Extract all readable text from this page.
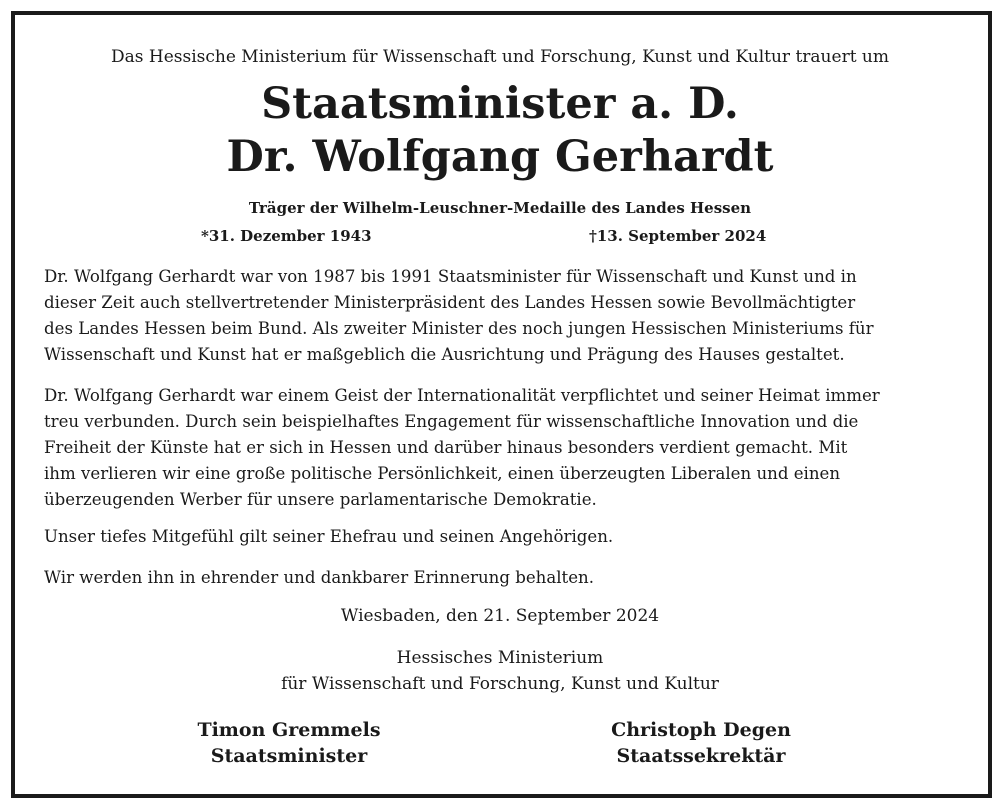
Das Hessische Ministerium für Wissenschaft und Forschung, Kunst und Kultur trauert um
Staatsminister a. D.
Dr. Wolfgang Gerhardt
Träger der Wilhelm-Leuschner-Medaille des Landes Hessen
*31. Dezember 1943	†13. September 2024
Dr. Wolfgang Gerhardt war von 1987 bis 1991 Staatsminister für Wissenschaft und Kunst und in
dieser Zeit auch stellvertretender Ministerpräsident des Landes Hessen sowie Bevollmächtigter
des Landes Hessen beim Bund. Als zweiter Minister des noch jungen Hessischen Ministeriums für
Wissenschaft und Kunst hat er maßgeblich die Ausrichtung und Prägung des Hauses gestaltet.
Dr. Wolfgang Gerhardt war einem Geist der Internationalität verpflichtet und seiner Heimat immer
treu verbunden. Durch sein beispielhaftes Engagement für wissenschaftliche Innovation und die
Freiheit der Künste hat er sich in Hessen und darüber hinaus besonders verdient gemacht. Mit
ihm verlieren wir eine große politische Persönlichkeit, einen überzeugten Liberalen und einen
überzeugenden Werber für unsere parlamentarische Demokratie.
Unser tiefes Mitgefühl gilt seiner Ehefrau und seinen Angehörigen.
Wir werden ihn in ehrender und dankbarer Erinnerung behalten.
Wiesbaden, den 21. September 2024
Hessisches Ministerium
für Wissenschaft und Forschung, Kunst und Kultur
Timon Gremmels
Staatsminister
Christoph Degen
Staatssekrektär
